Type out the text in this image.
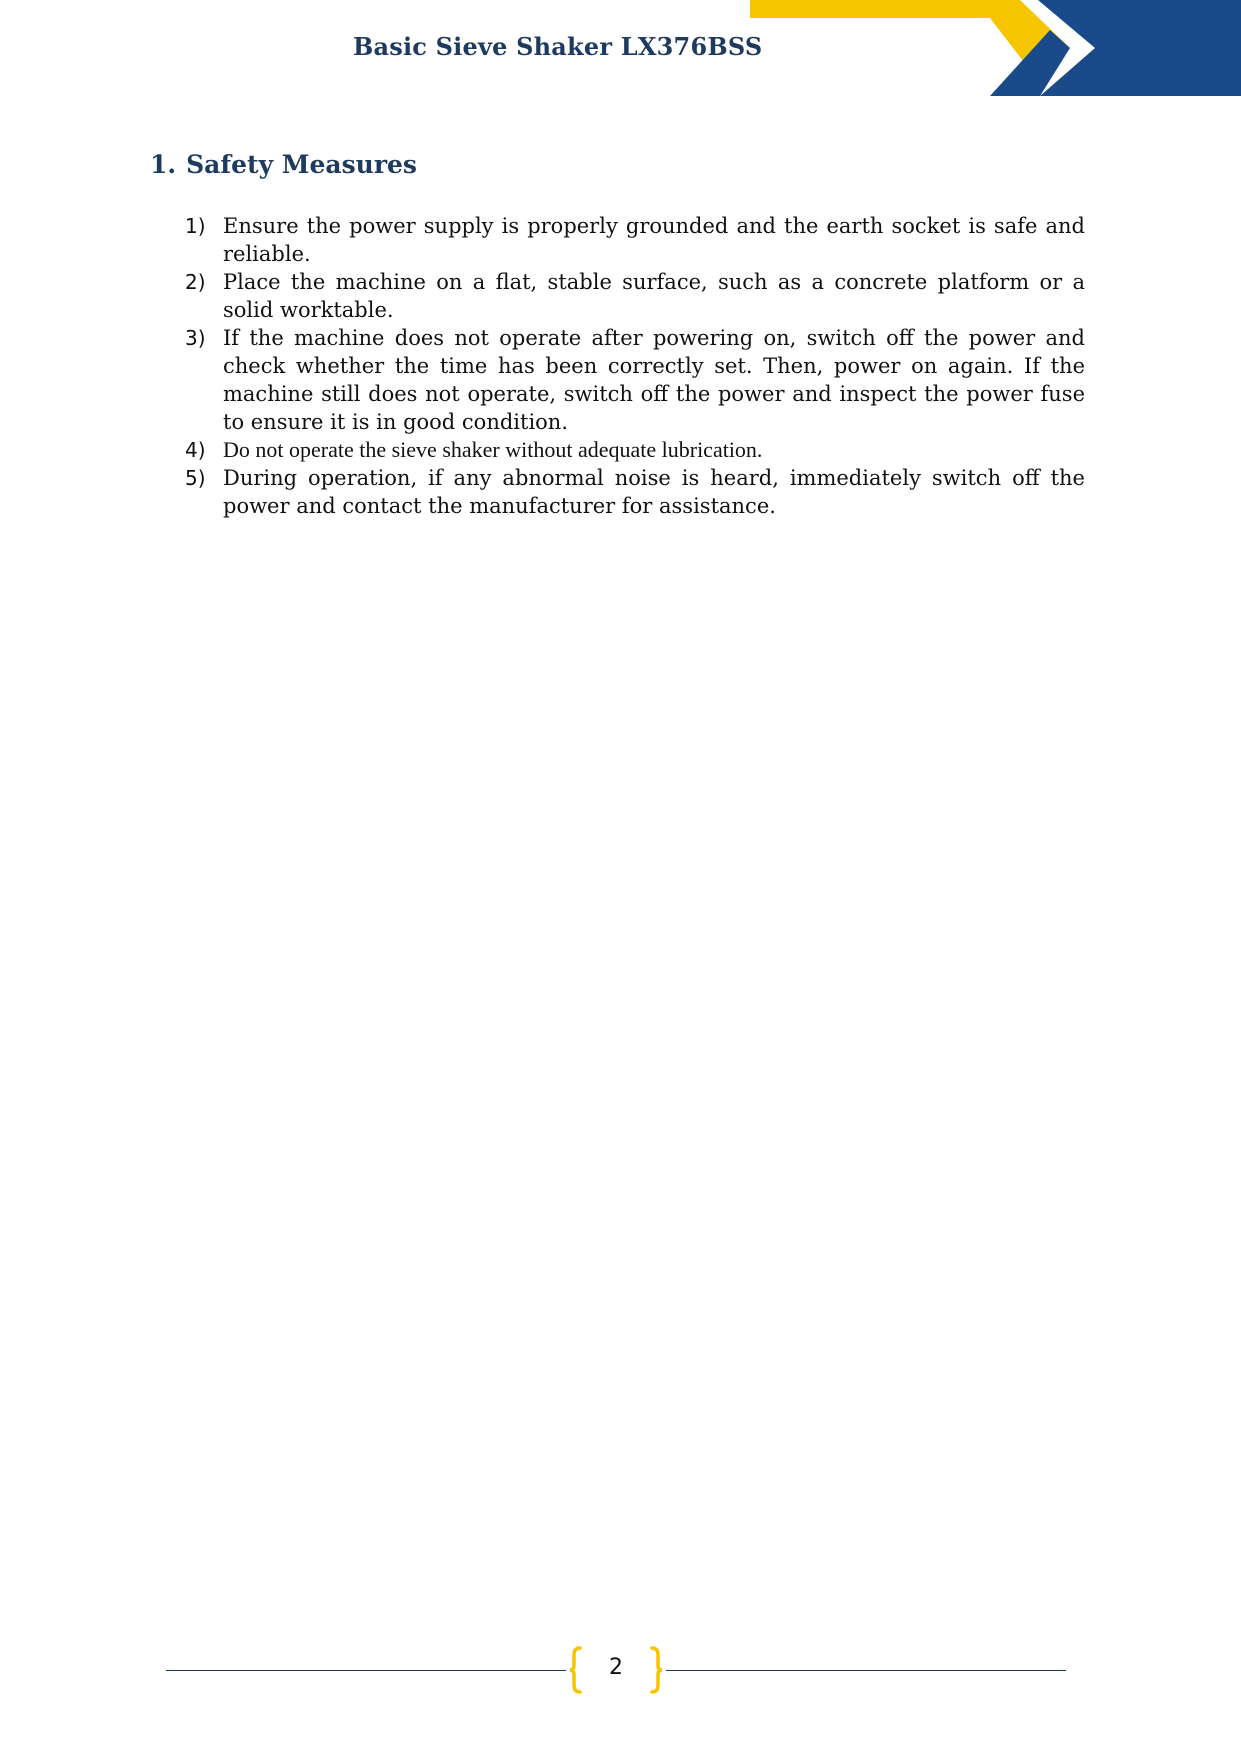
Basic Sieve Shaker LX376BSS
1. Safety Measures
1) Ensure the power supply is properly grounded and the earth socket is safe and reliable.
2) Place the machine on a flat, stable surface, such as a concrete platform or a solid worktable.
3) If the machine does not operate after powering on, switch off the power and check whether the time has been correctly set. Then, power on again. If the machine still does not operate, switch off the power and inspect the power fuse to ensure it is in good condition.
4) Do not operate the sieve shaker without adequate lubrication.
5) During operation, if any abnormal noise is heard, immediately switch off the power and contact the manufacturer for assistance.
2
